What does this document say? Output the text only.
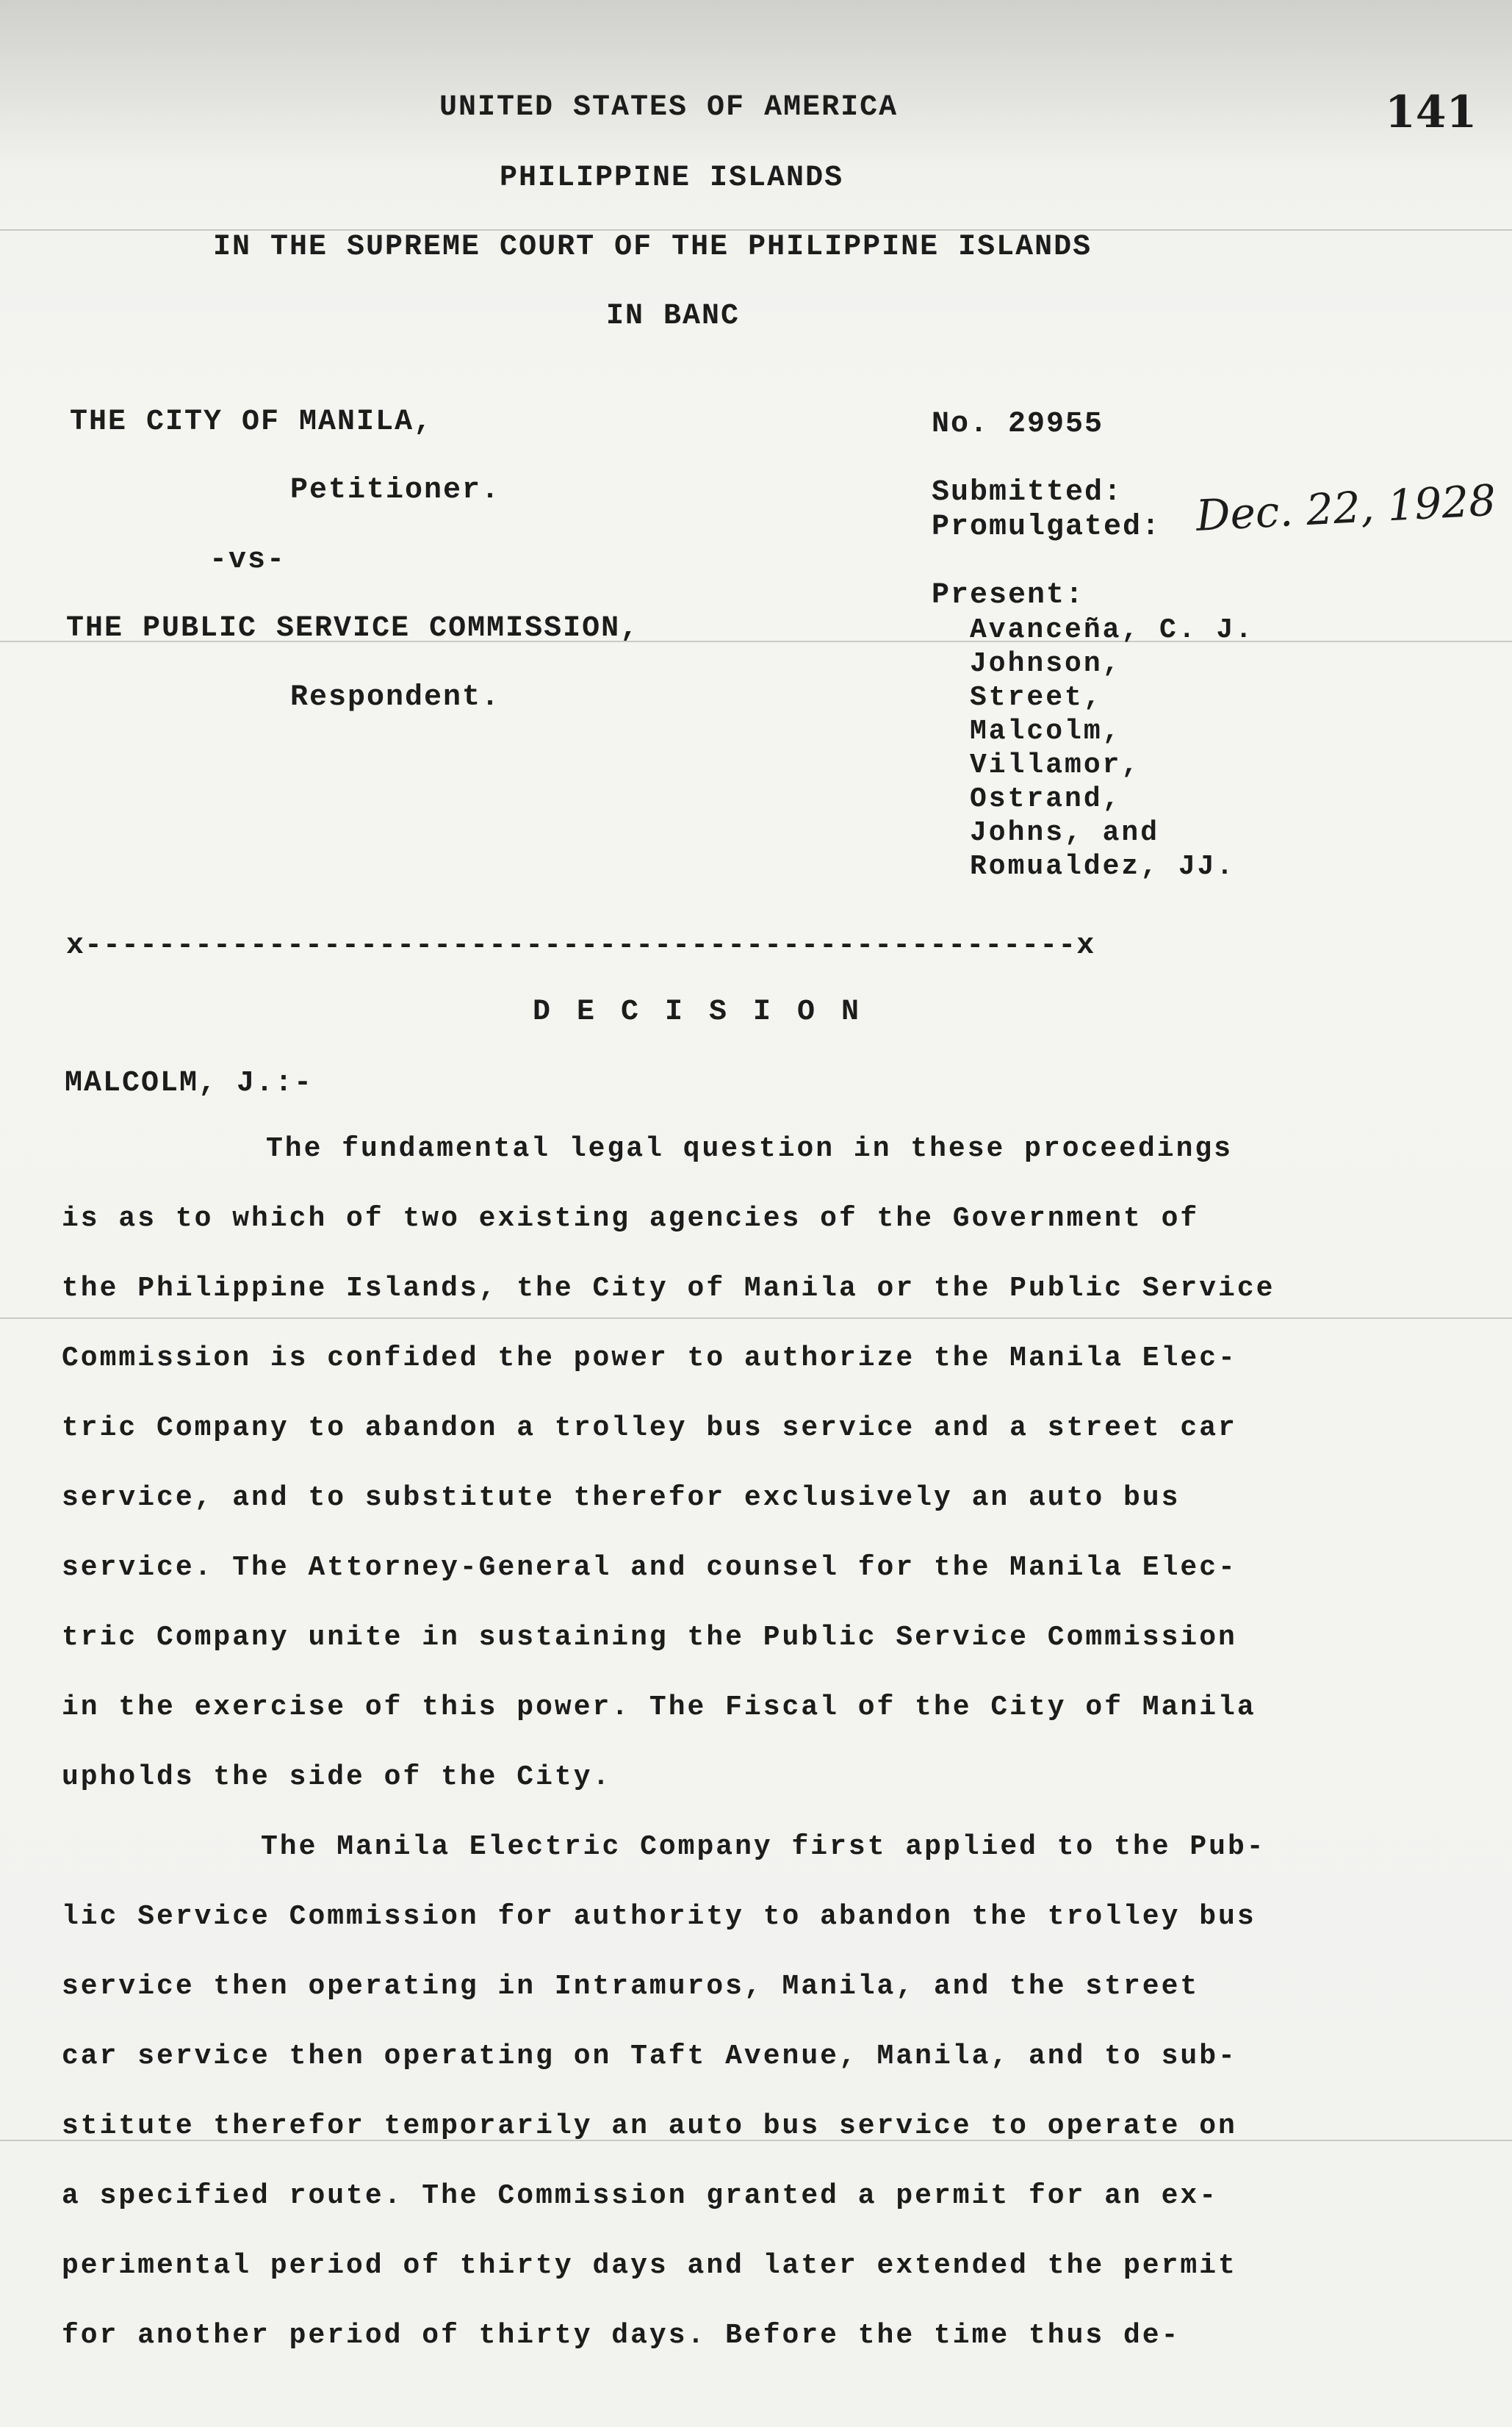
141
UNITED STATES OF AMERICA
PHILIPPINE ISLANDS
IN THE SUPREME COURT OF THE PHILIPPINE ISLANDS
IN BANC
THE CITY OF MANILA,
Petitioner.
-vs-
THE PUBLIC SERVICE COMMISSION,
Respondent.
No. 29955
Submitted:
Promulgated: Dec. 22, 1928
Present:
Avanceña, C. J.
Johnson,
Street,
Malcolm,
Villamor,
Ostrand,
Johns, and
Romualdez, JJ.
x------------------------------------------------------x
D E C I S I O N
MALCOLM, J.:-
The fundamental legal question in these proceedings
is as to which of two existing agencies of the Government of
the Philippine Islands, the City of Manila or the Public Service
Commission is confided the power to authorize the Manila Elec-
tric Company to abandon a trolley bus service and a street car
service, and to substitute therefor exclusively an auto bus
service. The Attorney-General and counsel for the Manila Elec-
tric Company unite in sustaining the Public Service Commission
in the exercise of this power. The Fiscal of the City of Manila
upholds the side of the City.
The Manila Electric Company first applied to the Pub-
lic Service Commission for authority to abandon the trolley bus
service then operating in Intramuros, Manila, and the street
car service then operating on Taft Avenue, Manila, and to sub-
stitute therefor temporarily an auto bus service to operate on
a specified route. The Commission granted a permit for an ex-
perimental period of thirty days and later extended the permit
for another period of thirty days. Before the time thus de-
